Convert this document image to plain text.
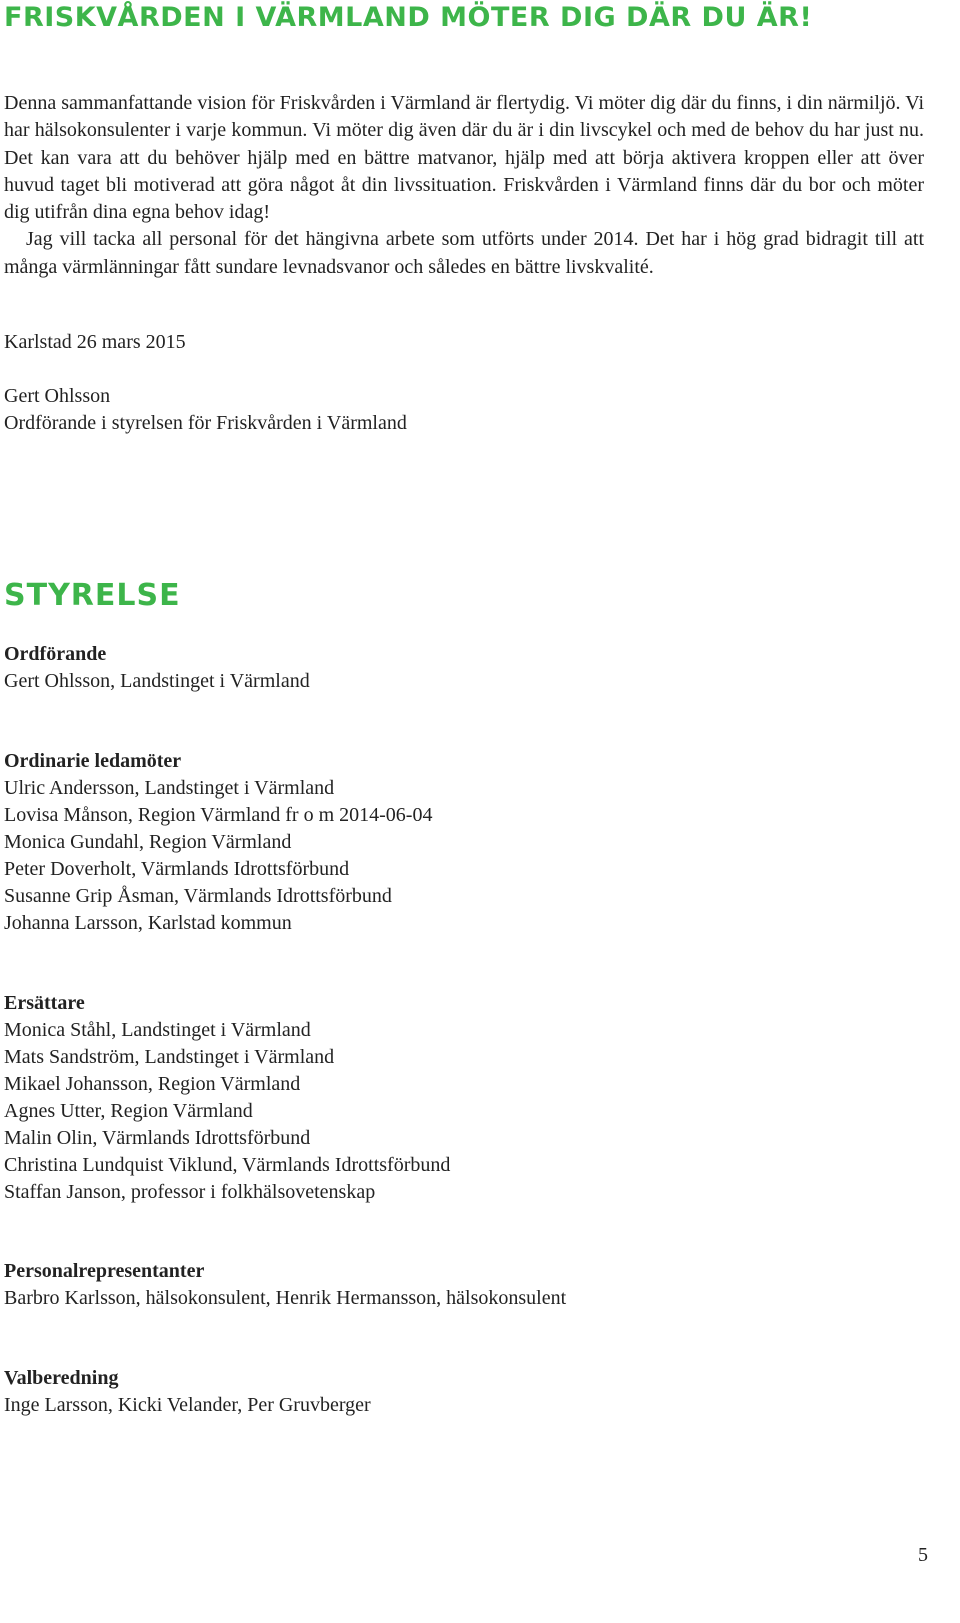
FRISKVÅRDEN I VÄRMLAND MÖTER DIG DÄR DU ÄR!

Denna sammanfattande vision för Friskvården i Värmland är flertydig. Vi möter dig där du finns, i din närmiljö. Vi har hälsokonsulenter i varje kommun. Vi möter dig även där du är i din livscykel och med de behov du har just nu. Det kan vara att du behöver hjälp med en bättre matvanor, hjälp med att börja aktivera kroppen eller att över huvud taget bli motiverad att göra något åt din livssituation. Friskvården i Värmland finns där du bor och möter dig utifrån dina egna behov idag!

Jag vill tacka all personal för det hängivna arbete som utförts under 2014. Det har i hög grad bidragit till att många värmlänningar fått sundare levnadsvanor och således en bättre livskvalité.

Karlstad 26 mars 2015
Gert Ohlsson
Ordförande i styrelsen för Friskvården i Värmland
STYRELSE
Ordförande
Gert Ohlsson, Landstinget i Värmland
Ordinarie ledamöter
Ulric Andersson, Landstinget i Värmland
Lovisa Månson, Region Värmland fr o m 2014-06-04
Monica Gundahl, Region Värmland
Peter Doverholt, Värmlands Idrottsförbund
Susanne Grip Åsman, Värmlands Idrottsförbund
Johanna Larsson, Karlstad kommun
Ersättare
Monica Ståhl, Landstinget i Värmland
Mats Sandström, Landstinget i Värmland
Mikael Johansson, Region Värmland
Agnes Utter, Region Värmland
Malin Olin, Värmlands Idrottsförbund
Christina Lundquist Viklund, Värmlands Idrottsförbund
Staffan Janson, professor i folkhälsovetenskap
Personalrepresentanter
Barbro Karlsson, hälsokonsulent, Henrik Hermansson, hälsokonsulent
Valberedning
Inge Larsson, Kicki Velander, Per Gruvberger
5
